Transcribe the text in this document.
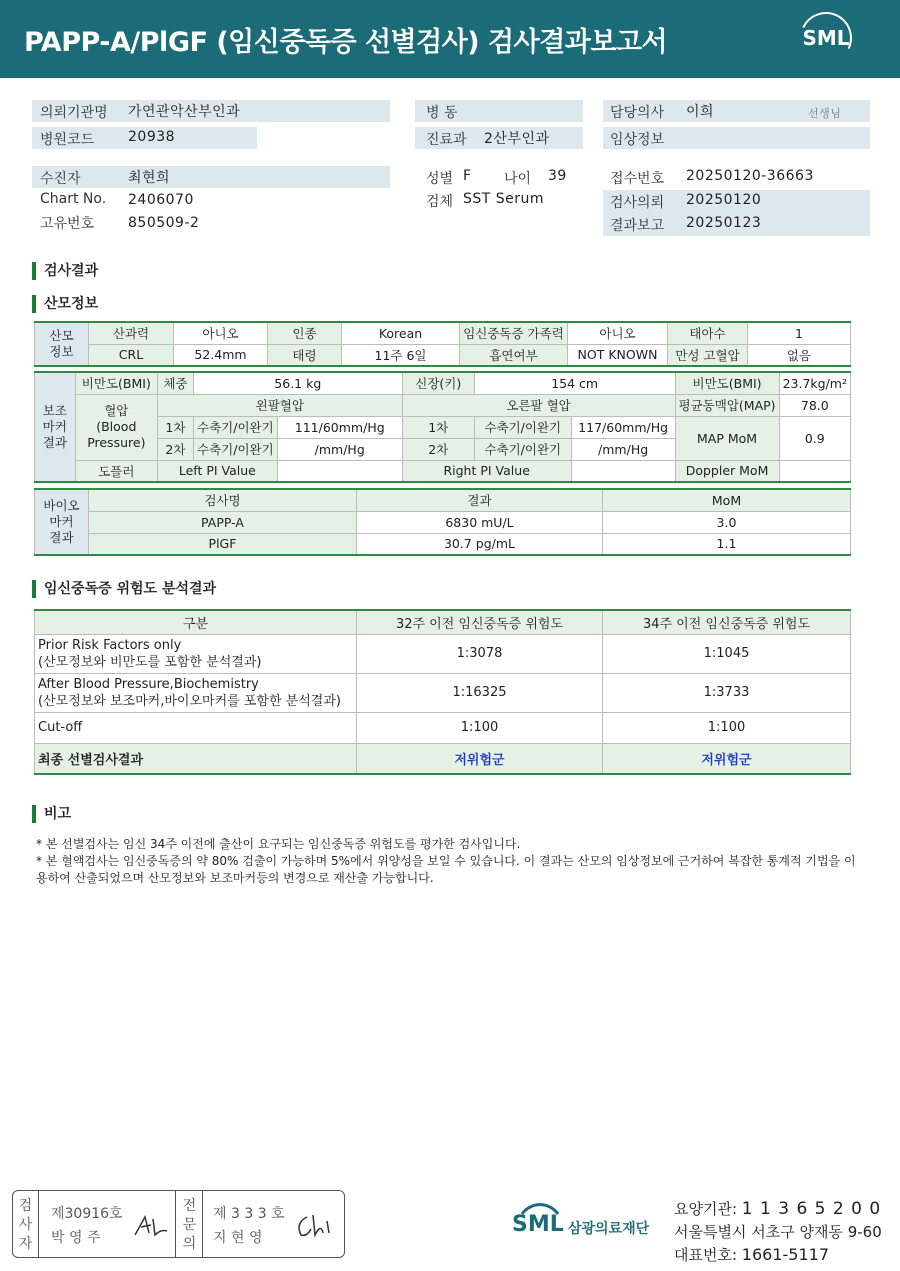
PAPP-A/PlGF (임신중독증 선별검사) 검사결과보고서	SML
의뢰기관명 가연관악산부인과
병원코드 20938
병 동
진료과 2산부인과
담당의사 이희	선생님
임상정보
수진자	최현희
Chart No. 2406070
고유번호 850509-2
성별 F 나이 39
검체 SST Serum
접수번호 20250120-36663
검사의뢰 20250120
결과보고 20250123
검사결과
산모정보
산모
정보	산과력	아니오	인종	Korean	임신중독증 가족력	아니오	태아수	1
	CRL	52.4mm	태령	11주 6일	흡연여부	NOT KNOWN	만성 고혈압	없음
보조
마커
결과	비만도(BMI)	체중	56.1 kg		신장(키)	154 cm		비만도(BMI)	23.7kg/m²
	혈압
(Blood
Pressure)	왼팔혈압			오른팔 혈압			평균동맥압(MAP)	78.0
		1차	수축기/이완기	111/60mm/Hg	1차	수축기/이완기	117/60mm/Hg	MAP MoM	0.9
		2차	수축기/이완기	/mm/Hg	2차	수축기/이완기	/mm/Hg		
	도플러	Left PI Value			Right PI Value			Doppler MoM	
바이오
마커
결과	검사명	결과	MoM
	PAPP-A	6830 mU/L	3.0
	PlGF	30.7 pg/mL	1.1
임신중독증 위험도 분석결과
구분	32주 이전 임신중독증 위험도	34주 이전 임신중독증 위험도

Prior Risk Factors only
(산모정보와 비만도를 포함한 분석결과)	1:3078	1:1045

After Blood Pressure,Biochemistry
(산모정보와 보조마커,바이오마커를 포함한 분석결과)	1:16325	1:3733
Cut-off	1:100	1:100
최종 선별검사결과	저위험군	저위험군
비고
* 본 선별검사는 임신 34주 이전에 출산이 요구되는 임신중독증 위험도를 평가한 검사입니다.
* 본 혈액검사는 임신중독증의 약 80% 검출이 가능하며 5%에서 위양성을 보일 수 있습니다. 이 결과는 산모의 임상정보에 근거하여 복잡한 통계적 기법을 이용하여 산출되었으며 산모정보와 보조마커등의 변경으로 재산출 가능합니다.
검
사
자
제30916호
박 영 주
전
문
의
제 3 3 3 호
지 현 영
SML 삼광의료재단
요양기관: 1 1 3 6 5 2 0 0
서울특별시 서초구 양재동 9-60
대표번호: 1661-5117
